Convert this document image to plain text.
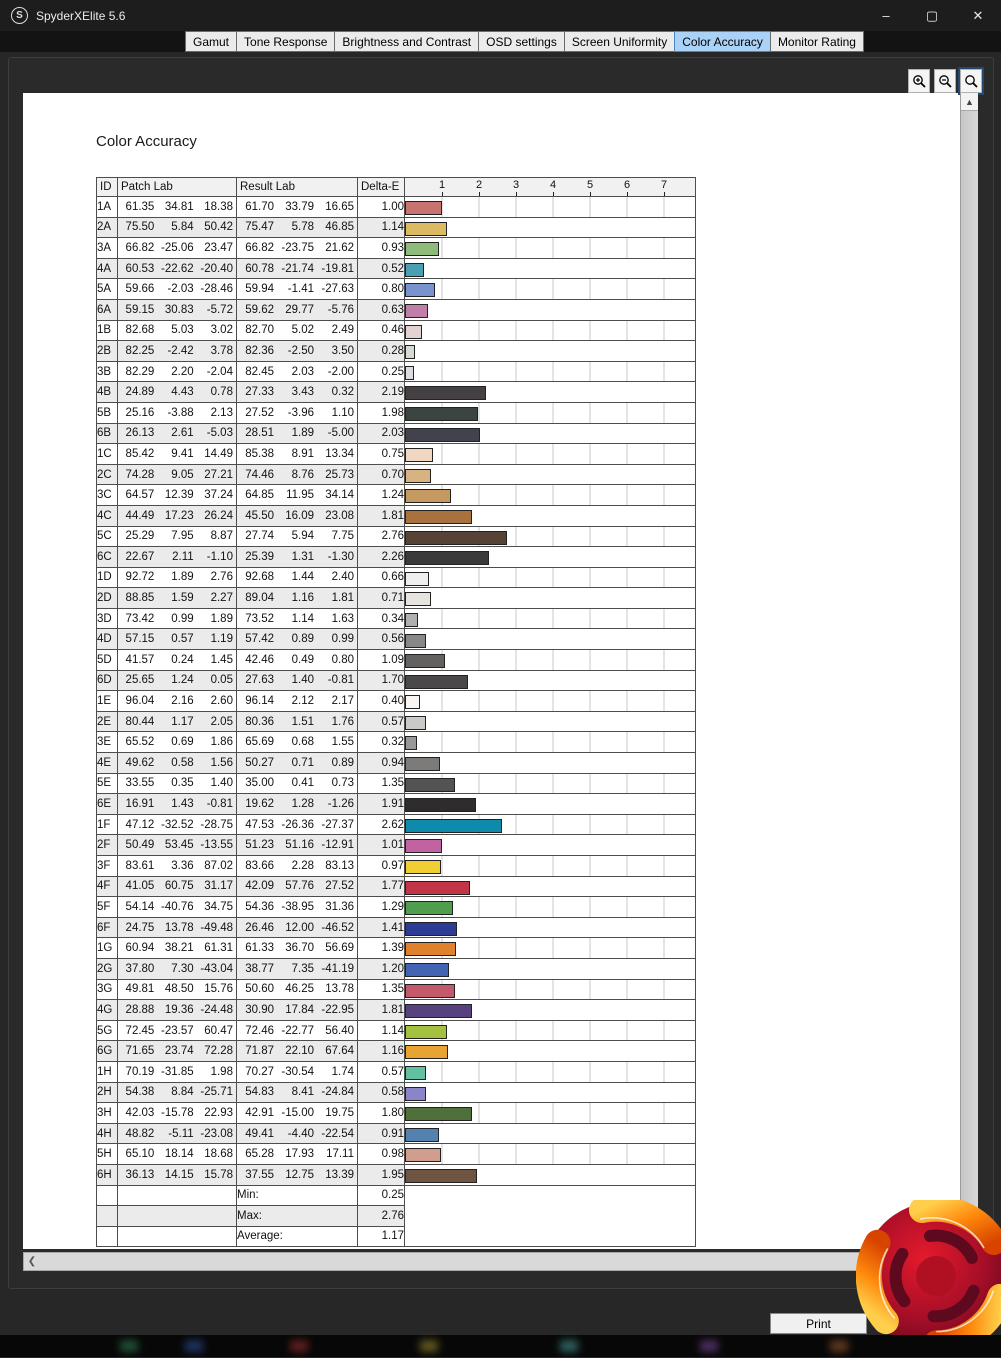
S	SpyderXElite 5.6	–	▢	✕
Gamut	Tone Response	Brightness and Contrast	OSD settings	Screen Uniformity	Color Accuracy	Monitor Rating
Color Accuracy
ID	Patch Lab	Result Lab	Delta-E	1	2	3	4	5	6	7

1A	61.35 34.81 18.38	61.70 33.79 16.65	1.00	

2A	75.50 5.84 50.42	75.47 5.78 46.85	1.14	

3A	66.82 -25.06 23.47	66.82 -23.75 21.62	0.93	

4A	60.53 -22.62 -20.40	60.78 -21.74 -19.81	0.52	

5A	59.66 -2.03 -28.46	59.94 -1.41 -27.63	0.80	

6A	59.15 30.83 -5.72	59.62 29.77 -5.76	0.63	

1B	82.68 5.03 3.02	82.70 5.02 2.49	0.46	

2B	82.25 -2.42 3.78	82.36 -2.50 3.50	0.28	

3B	82.29 2.20 -2.04	82.45 2.03 -2.00	0.25	

4B	24.89 4.43 0.78	27.33 3.43 0.32	2.19	

5B	25.16 -3.88 2.13	27.52 -3.96 1.10	1.98	

6B	26.13 2.61 -5.03	28.51 1.89 -5.00	2.03	

1C	85.42 9.41 14.49	85.38 8.91 13.34	0.75	

2C	74.28 9.05 27.21	74.46 8.76 25.73	0.70	

3C	64.57 12.39 37.24	64.85 11.95 34.14	1.24	

4C	44.49 17.23 26.24	45.50 16.09 23.08	1.81	

5C	25.29 7.95 8.87	27.74 5.94 7.75	2.76	

6C	22.67 2.11 -1.10	25.39 1.31 -1.30	2.26	

1D	92.72 1.89 2.76	92.68 1.44 2.40	0.66	

2D	88.85 1.59 2.27	89.04 1.16 1.81	0.71	

3D	73.42 0.99 1.89	73.52 1.14 1.63	0.34	

4D	57.15 0.57 1.19	57.42 0.89 0.99	0.56	

5D	41.57 0.24 1.45	42.46 0.49 0.80	1.09	

6D	25.65 1.24 0.05	27.63 1.40 -0.81	1.70	

1E	96.04 2.16 2.60	96.14 2.12 2.17	0.40	

2E	80.44 1.17 2.05	80.36 1.51 1.76	0.57	

3E	65.52 0.69 1.86	65.69 0.68 1.55	0.32	

4E	49.62 0.58 1.56	50.27 0.71 0.89	0.94	

5E	33.55 0.35 1.40	35.00 0.41 0.73	1.35	

6E	16.91 1.43 -0.81	19.62 1.28 -1.26	1.91	

1F	47.12 -32.52 -28.75	47.53 -26.36 -27.37	2.62	

2F	50.49 53.45 -13.55	51.23 51.16 -12.91	1.01	

3F	83.61 3.36 87.02	83.66 2.28 83.13	0.97	

4F	41.05 60.75 31.17	42.09 57.76 27.52	1.77	

5F	54.14 -40.76 34.75	54.36 -38.95 31.36	1.29	

6F	24.75 13.78 -49.48	26.46 12.00 -46.52	1.41	

1G	60.94 38.21 61.31	61.33 36.70 56.69	1.39	

2G	37.80 7.30 -43.04	38.77 7.35 -41.19	1.20	

3G	49.81 48.50 15.76	50.60 46.25 13.78	1.35	

4G	28.88 19.36 -24.48	30.90 17.84 -22.95	1.81	

5G	72.45 -23.57 60.47	72.46 -22.77 56.40	1.14	

6G	71.65 23.74 72.28	71.87 22.10 67.64	1.16	

1H	70.19 -31.85 1.98	70.27 -30.54 1.74	0.57	

2H	54.38 8.84 -25.71	54.83 8.41 -24.84	0.58	

3H	42.03 -15.78 22.93	42.91 -15.00 19.75	1.80	

4H	48.82 -5.11 -23.08	49.41 -4.40 -22.54	0.91	

5H	65.10 18.14 18.68	65.28 17.93 17.11	0.98	

6H	36.13 14.15 15.78	37.55 12.75 13.39	1.95	

		Min:	0.25	
		Max:	2.76	
		Average:	1.17	
▲
❮
Print
